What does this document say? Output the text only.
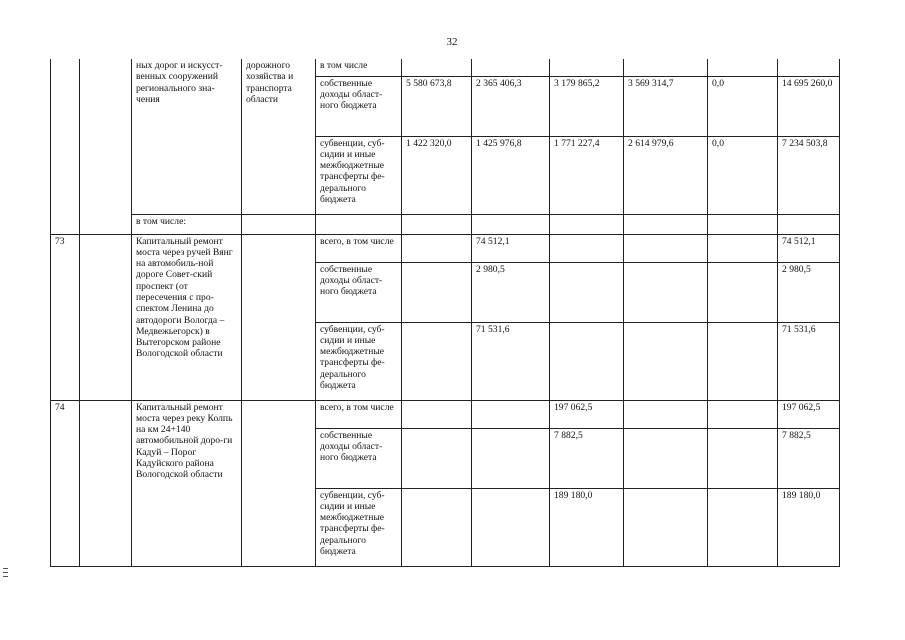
32
		ных дорог и искусст-венных сооружений регионального зна-чения	дорожного хозяйства и транспорта области	в том числе						
				собственные доходы област-ного бюджета	5 580 673,8	2 365 406,3	3 179 865,2	3 569 314,7	0,0	14 695 260,0
				субвенции, суб-сидии и иные межбюджетные трансферты фе-дерального бюджета	1 422 320,0	1 425 976,8	1 771 227,4	2 614 979,6	0,0	7 234 503,8
		в том числе:								
73		Капитальный ремонт моста через ручей Вянг на автомобиль-ной дороге Совет-ский проспект (от пересечения с про-спектом Ленина до автодороги Вологда – Медвежьегорск) в Вытегорском районе Вологодской области		всего, в том числе		74 512,1				74 512,1
				собственные доходы област-ного бюджета		2 980,5				2 980,5
				субвенции, суб-сидии и иные межбюджетные трансферты фе-дерального бюджета		71 531,6				71 531,6
74		Капитальный ремонт моста через реку Колпь на км 24+140 автомобильной доро-ги Кадуй – Порог Кадуйского района Вологодской области		всего, в том числе			197 062,5			197 062,5
				собственные доходы област-ного бюджета			7 882,5			7 882,5
				субвенции, суб-сидии и иные межбюджетные трансферты фе-дерального бюджета			189 180,0			189 180,0
